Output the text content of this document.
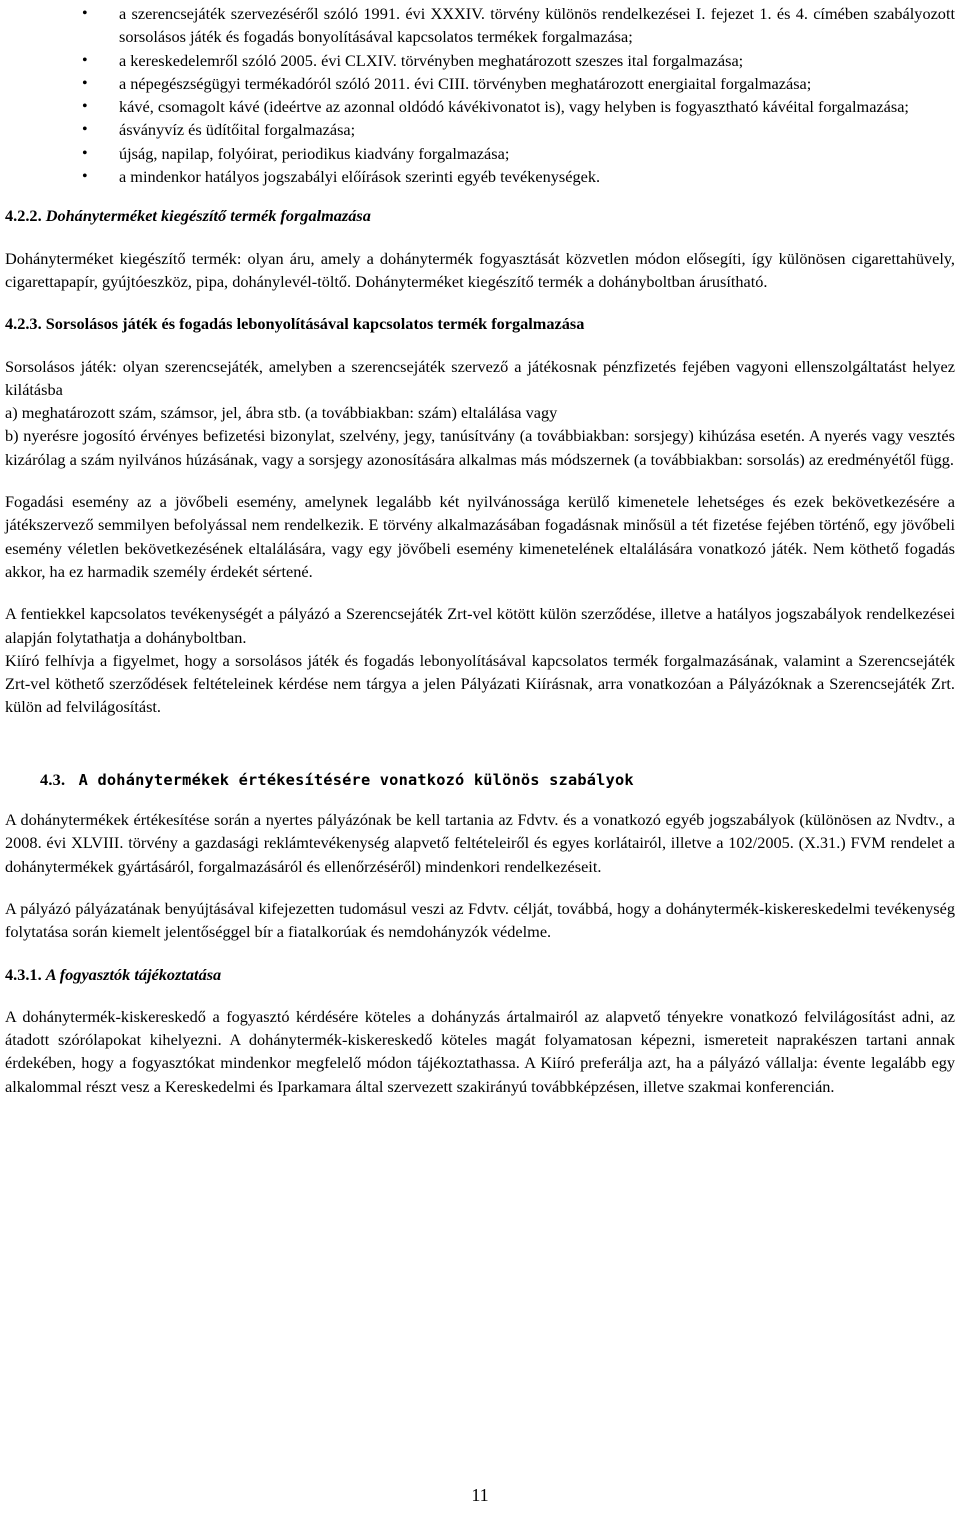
• a szerencsejáték szervezéséről szóló 1991. évi XXXIV. törvény különös rendelkezései I. fejezet 1. és 4. címében szabályozott sorsolásos játék és fogadás bonyolításával kapcsolatos termékek forgalmazása;
• a kereskedelemről szóló 2005. évi CLXIV. törvényben meghatározott szeszes ital forgalmazása;
• a népegészségügyi termékadóról szóló 2011. évi CIII. törvényben meghatározott energiaital forgalmazása;
• kávé, csomagolt kávé (ideértve az azonnal oldódó kávékivonatot is), vagy helyben is fogyasztható kávéital forgalmazása;
• ásványvíz és üdítőital forgalmazása;
• újság, napilap, folyóirat, periodikus kiadvány forgalmazása;
• a mindenkor hatályos jogszabályi előírások szerinti egyéb tevékenységek.

4.2.2. Dohányterméket kiegészítő termék forgalmazása

Dohányterméket kiegészítő termék: olyan áru, amely a dohánytermék fogyasztását közvetlen módon elősegíti, így különösen cigarettahüvely, cigarettapapír, gyújtóeszköz, pipa, dohánylevél-töltő. Dohányterméket kiegészítő termék a dohányboltban árusítható.

4.2.3. Sorsolásos játék és fogadás lebonyolításával kapcsolatos termék forgalmazása

Sorsolásos játék: olyan szerencsejáték, amelyben a szerencsejáték szervező a játékosnak pénzfizetés fejében vagyoni ellenszolgáltatást helyez kilátásba

a) meghatározott szám, számsor, jel, ábra stb. (a továbbiakban: szám) eltalálása vagy

b) nyerésre jogosító érvényes befizetési bizonylat, szelvény, jegy, tanúsítvány (a továbbiakban: sorsjegy) kihúzása esetén. A nyerés vagy vesztés kizárólag a szám nyilvános húzásának, vagy a sorsjegy azonosítására alkalmas más módszernek (a továbbiakban: sorsolás) az eredményétől függ.

Fogadási esemény az a jövőbeli esemény, amelynek legalább két nyilvánossága kerülő kimenetele lehetséges és ezek bekövetkezésére a játékszervező semmilyen befolyással nem rendelkezik. E törvény alkalmazásában fogadásnak minősül a tét fizetése fejében történő, egy jövőbeli esemény véletlen bekövetkezésének eltalálására, vagy egy jövőbeli esemény kimenetelének eltalálására vonatkozó játék. Nem köthető fogadás akkor, ha ez harmadik személy érdekét sértené.

A fentiekkel kapcsolatos tevékenységét a pályázó a Szerencsejáték Zrt-vel kötött külön szerződése, illetve a hatályos jogszabályok rendelkezései alapján folytathatja a dohányboltban.

Kiíró felhívja a figyelmet, hogy a sorsolásos játék és fogadás lebonyolításával kapcsolatos termék forgalmazásának, valamint a Szerencsejáték Zrt-vel köthető szerződések feltételeinek kérdése nem tárgya a jelen Pályázati Kiírásnak, arra vonatkozóan a Pályázóknak a Szerencsejáték Zrt. külön ad felvilágosítást.

4.3. A dohánytermékek értékesítésére vonatkozó különös szabályok

A dohánytermékek értékesítése során a nyertes pályázónak be kell tartania az Fdvtv. és a vonatkozó egyéb jogszabályok (különösen az Nvdtv., a 2008. évi XLVIII. törvény a gazdasági reklámtevékenység alapvető feltételeiről és egyes korlátairól, illetve a 102/2005. (X.31.) FVM rendelet a dohánytermékek gyártásáról, forgalmazásáról és ellenőrzéséről) mindenkori rendelkezéseit.

A pályázó pályázatának benyújtásával kifejezetten tudomásul veszi az Fdvtv. célját, továbbá, hogy a dohánytermék-kiskereskedelmi tevékenység folytatása során kiemelt jelentőséggel bír a fiatalkorúak és nemdohányzók védelme.

4.3.1. A fogyasztók tájékoztatása

A dohánytermék-kiskereskedő a fogyasztó kérdésére köteles a dohányzás ártalmairól az alapvető tényekre vonatkozó felvilágosítást adni, az átadott szórólapokat kihelyezni. A dohánytermék-kiskereskedő köteles magát folyamatosan képezni, ismereteit naprakészen tartani annak érdekében, hogy a fogyasztókat mindenkor megfelelő módon tájékoztathassa. A Kiíró preferálja azt, ha a pályázó vállalja: évente legalább egy alkalommal részt vesz a Kereskedelmi és Iparkamara által szervezett szakirányú továbbképzésen, illetve szakmai konferencián.

11
